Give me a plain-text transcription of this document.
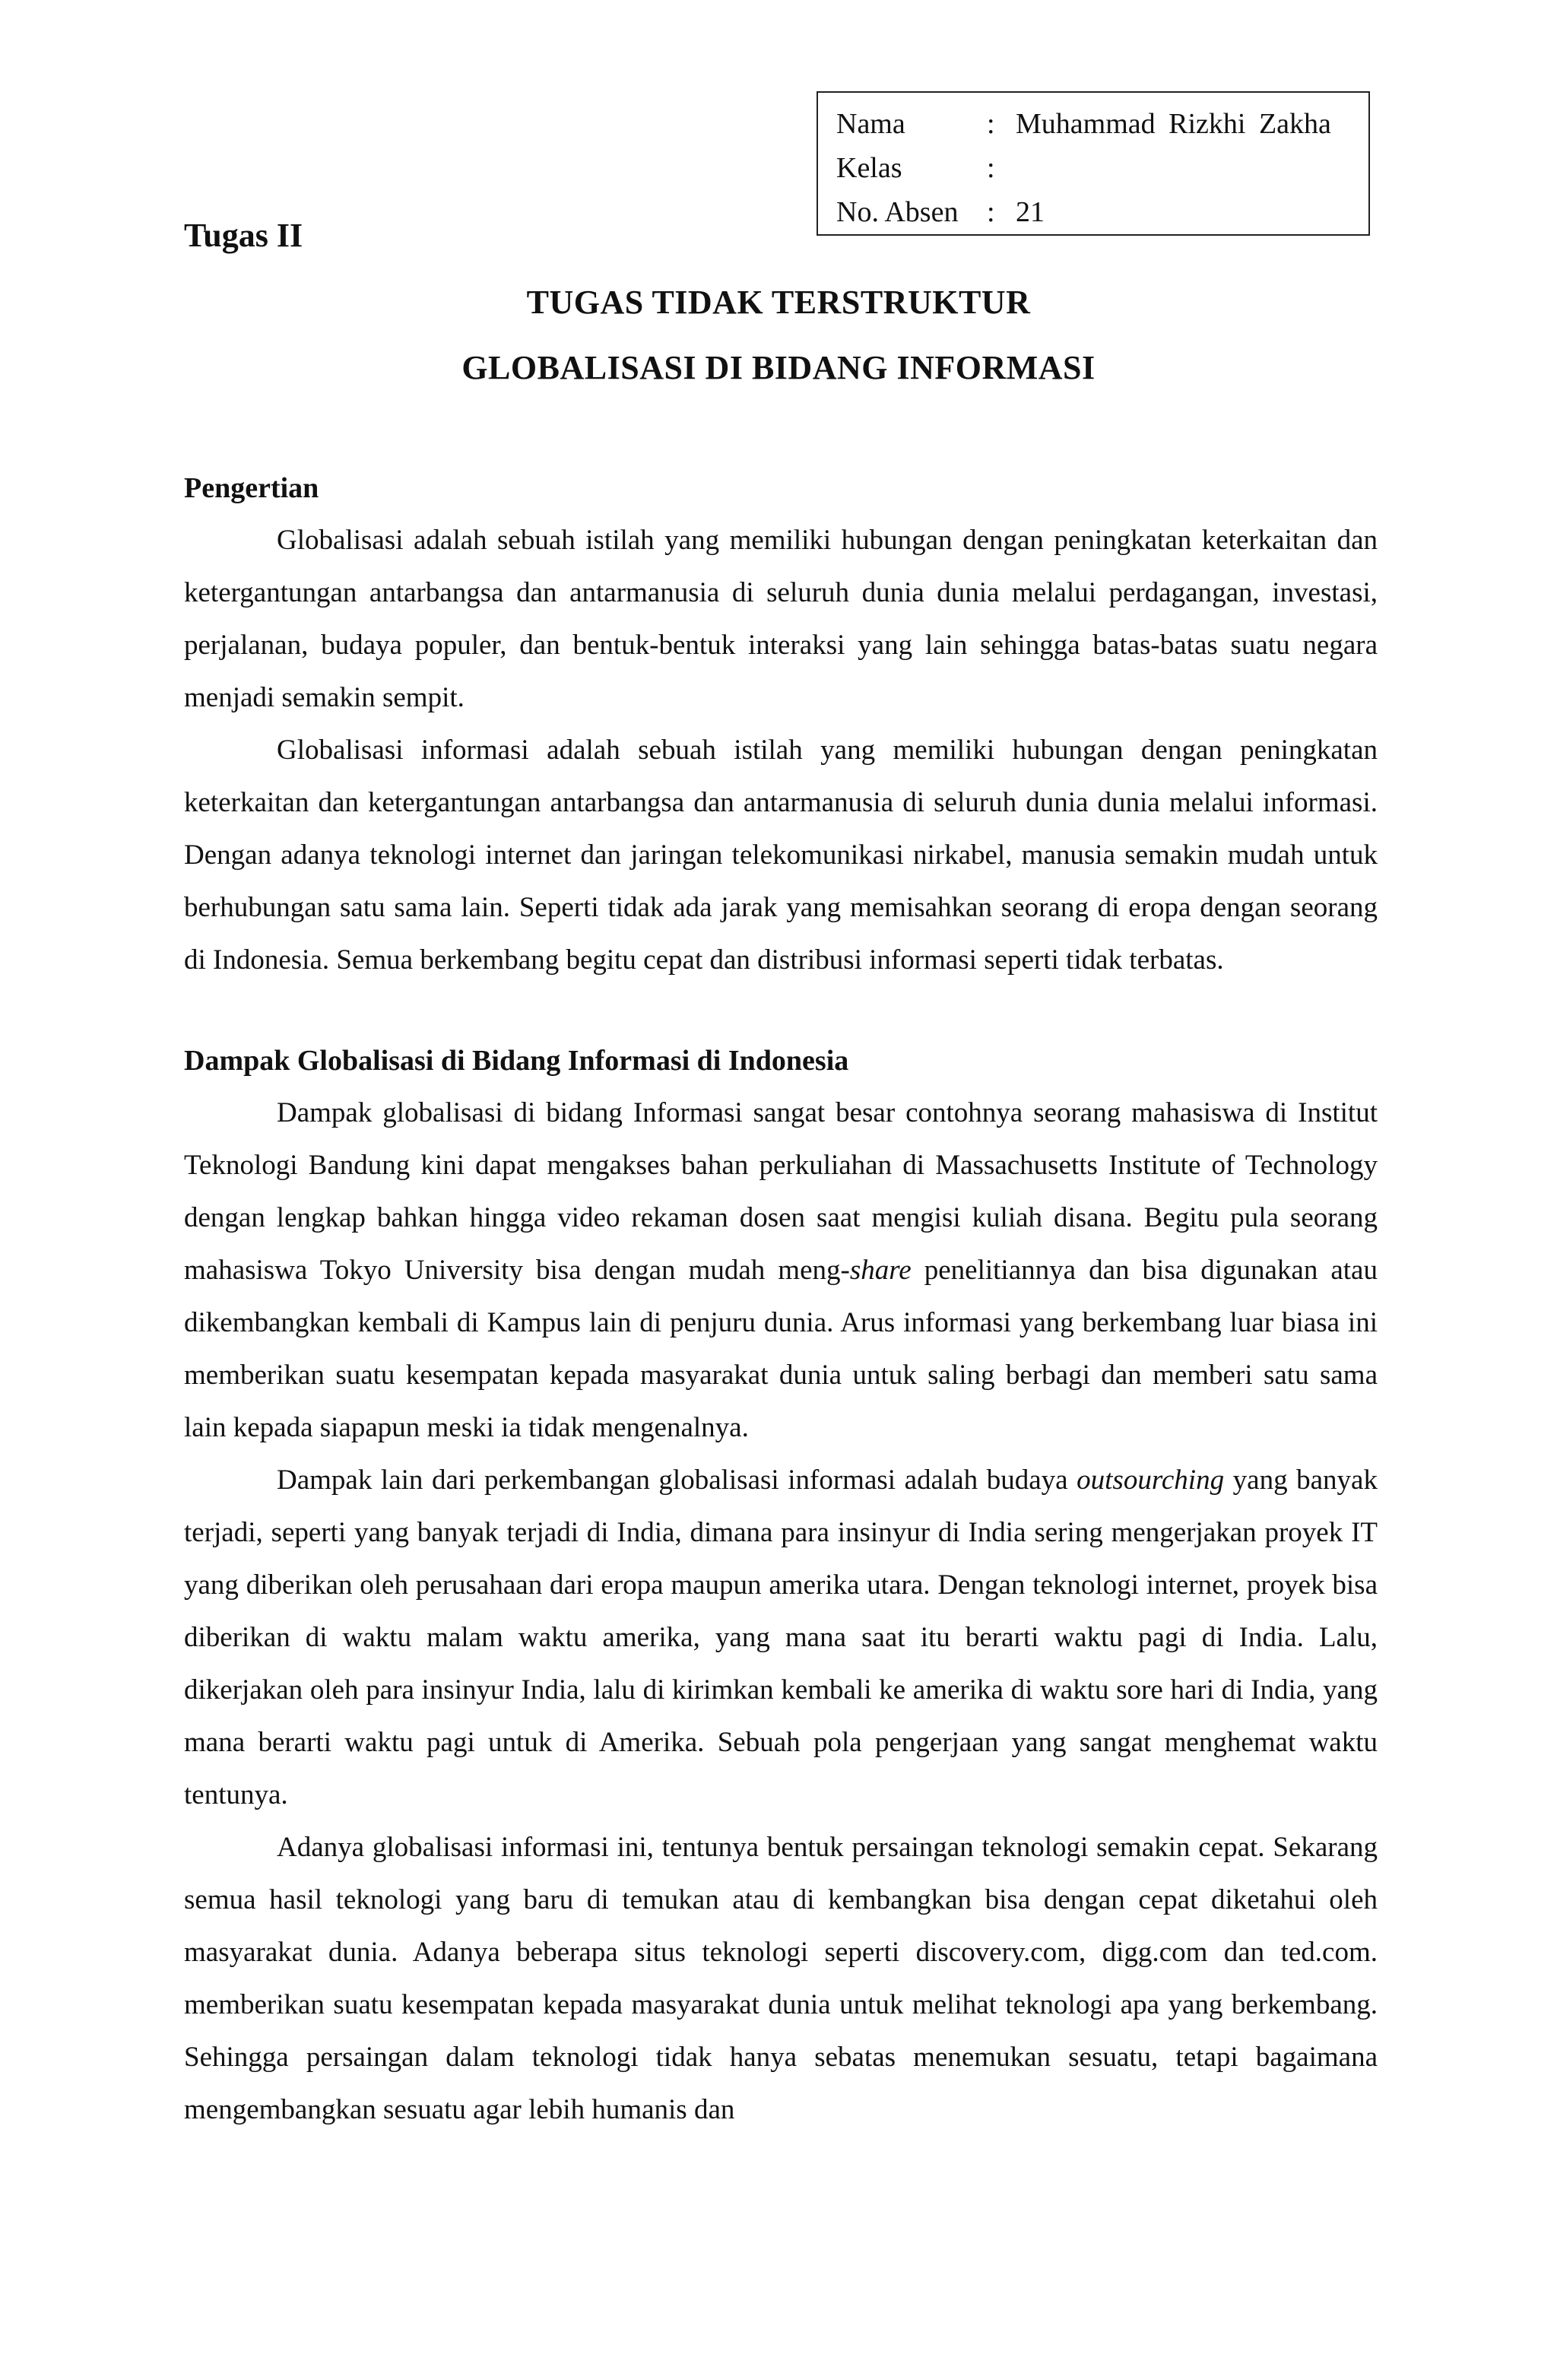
Nama	: Muhammad Rizkhi Zakha
Kelas	:
No. Absen : 21
Tugas II
TUGAS TIDAK TERSTRUKTUR
GLOBALISASI DI BIDANG INFORMASI
Pengertian

Globalisasi adalah sebuah istilah yang memiliki hubungan dengan peningkatan keterkaitan dan ketergantungan antarbangsa dan antarmanusia di seluruh dunia dunia melalui perdagangan, investasi, perjalanan, budaya populer, dan bentuk-bentuk interaksi yang lain sehingga batas-batas suatu negara menjadi semakin sempit.

Globalisasi informasi adalah sebuah istilah yang memiliki hubungan dengan peningkatan keterkaitan dan ketergantungan antarbangsa dan antarmanusia di seluruh dunia dunia melalui informasi. Dengan adanya teknologi internet dan jaringan telekomunikasi nirkabel, manusia semakin mudah untuk berhubungan satu sama lain. Seperti tidak ada jarak yang memisahkan seorang di eropa dengan seorang di Indonesia. Semua berkembang begitu cepat dan distribusi informasi seperti tidak terbatas.

Dampak Globalisasi di Bidang Informasi di Indonesia

Dampak globalisasi di bidang Informasi sangat besar contohnya seorang mahasiswa di Institut Teknologi Bandung kini dapat mengakses bahan perkuliahan di Massachusetts Institute of Technology dengan lengkap bahkan hingga video rekaman dosen saat mengisi kuliah disana. Begitu pula seorang mahasiswa Tokyo University bisa dengan mudah meng-share penelitiannya dan bisa digunakan atau dikembangkan kembali di Kampus lain di penjuru dunia. Arus informasi yang berkembang luar biasa ini memberikan suatu kesempatan kepada masyarakat dunia untuk saling berbagi dan memberi satu sama lain kepada siapapun meski ia tidak mengenalnya.

Dampak lain dari perkembangan globalisasi informasi adalah budaya outsourching yang banyak terjadi, seperti yang banyak terjadi di India, dimana para insinyur di India sering mengerjakan proyek IT yang diberikan oleh perusahaan dari eropa maupun amerika utara. Dengan teknologi internet, proyek bisa diberikan di waktu malam waktu amerika, yang mana saat itu berarti waktu pagi di India. Lalu, dikerjakan oleh para insinyur India, lalu di kirimkan kembali ke amerika di waktu sore hari di India, yang mana berarti waktu pagi untuk di Amerika. Sebuah pola pengerjaan yang sangat menghemat waktu tentunya.

Adanya globalisasi informasi ini, tentunya bentuk persaingan teknologi semakin cepat. Sekarang semua hasil teknologi yang baru di temukan atau di kembangkan bisa dengan cepat diketahui oleh masyarakat dunia. Adanya beberapa situs teknologi seperti discovery.com, digg.com dan ted.com. memberikan suatu kesempatan kepada masyarakat dunia untuk melihat teknologi apa yang berkembang. Sehingga persaingan dalam teknologi tidak hanya sebatas menemukan sesuatu, tetapi bagaimana mengembangkan sesuatu agar lebih humanis dan
